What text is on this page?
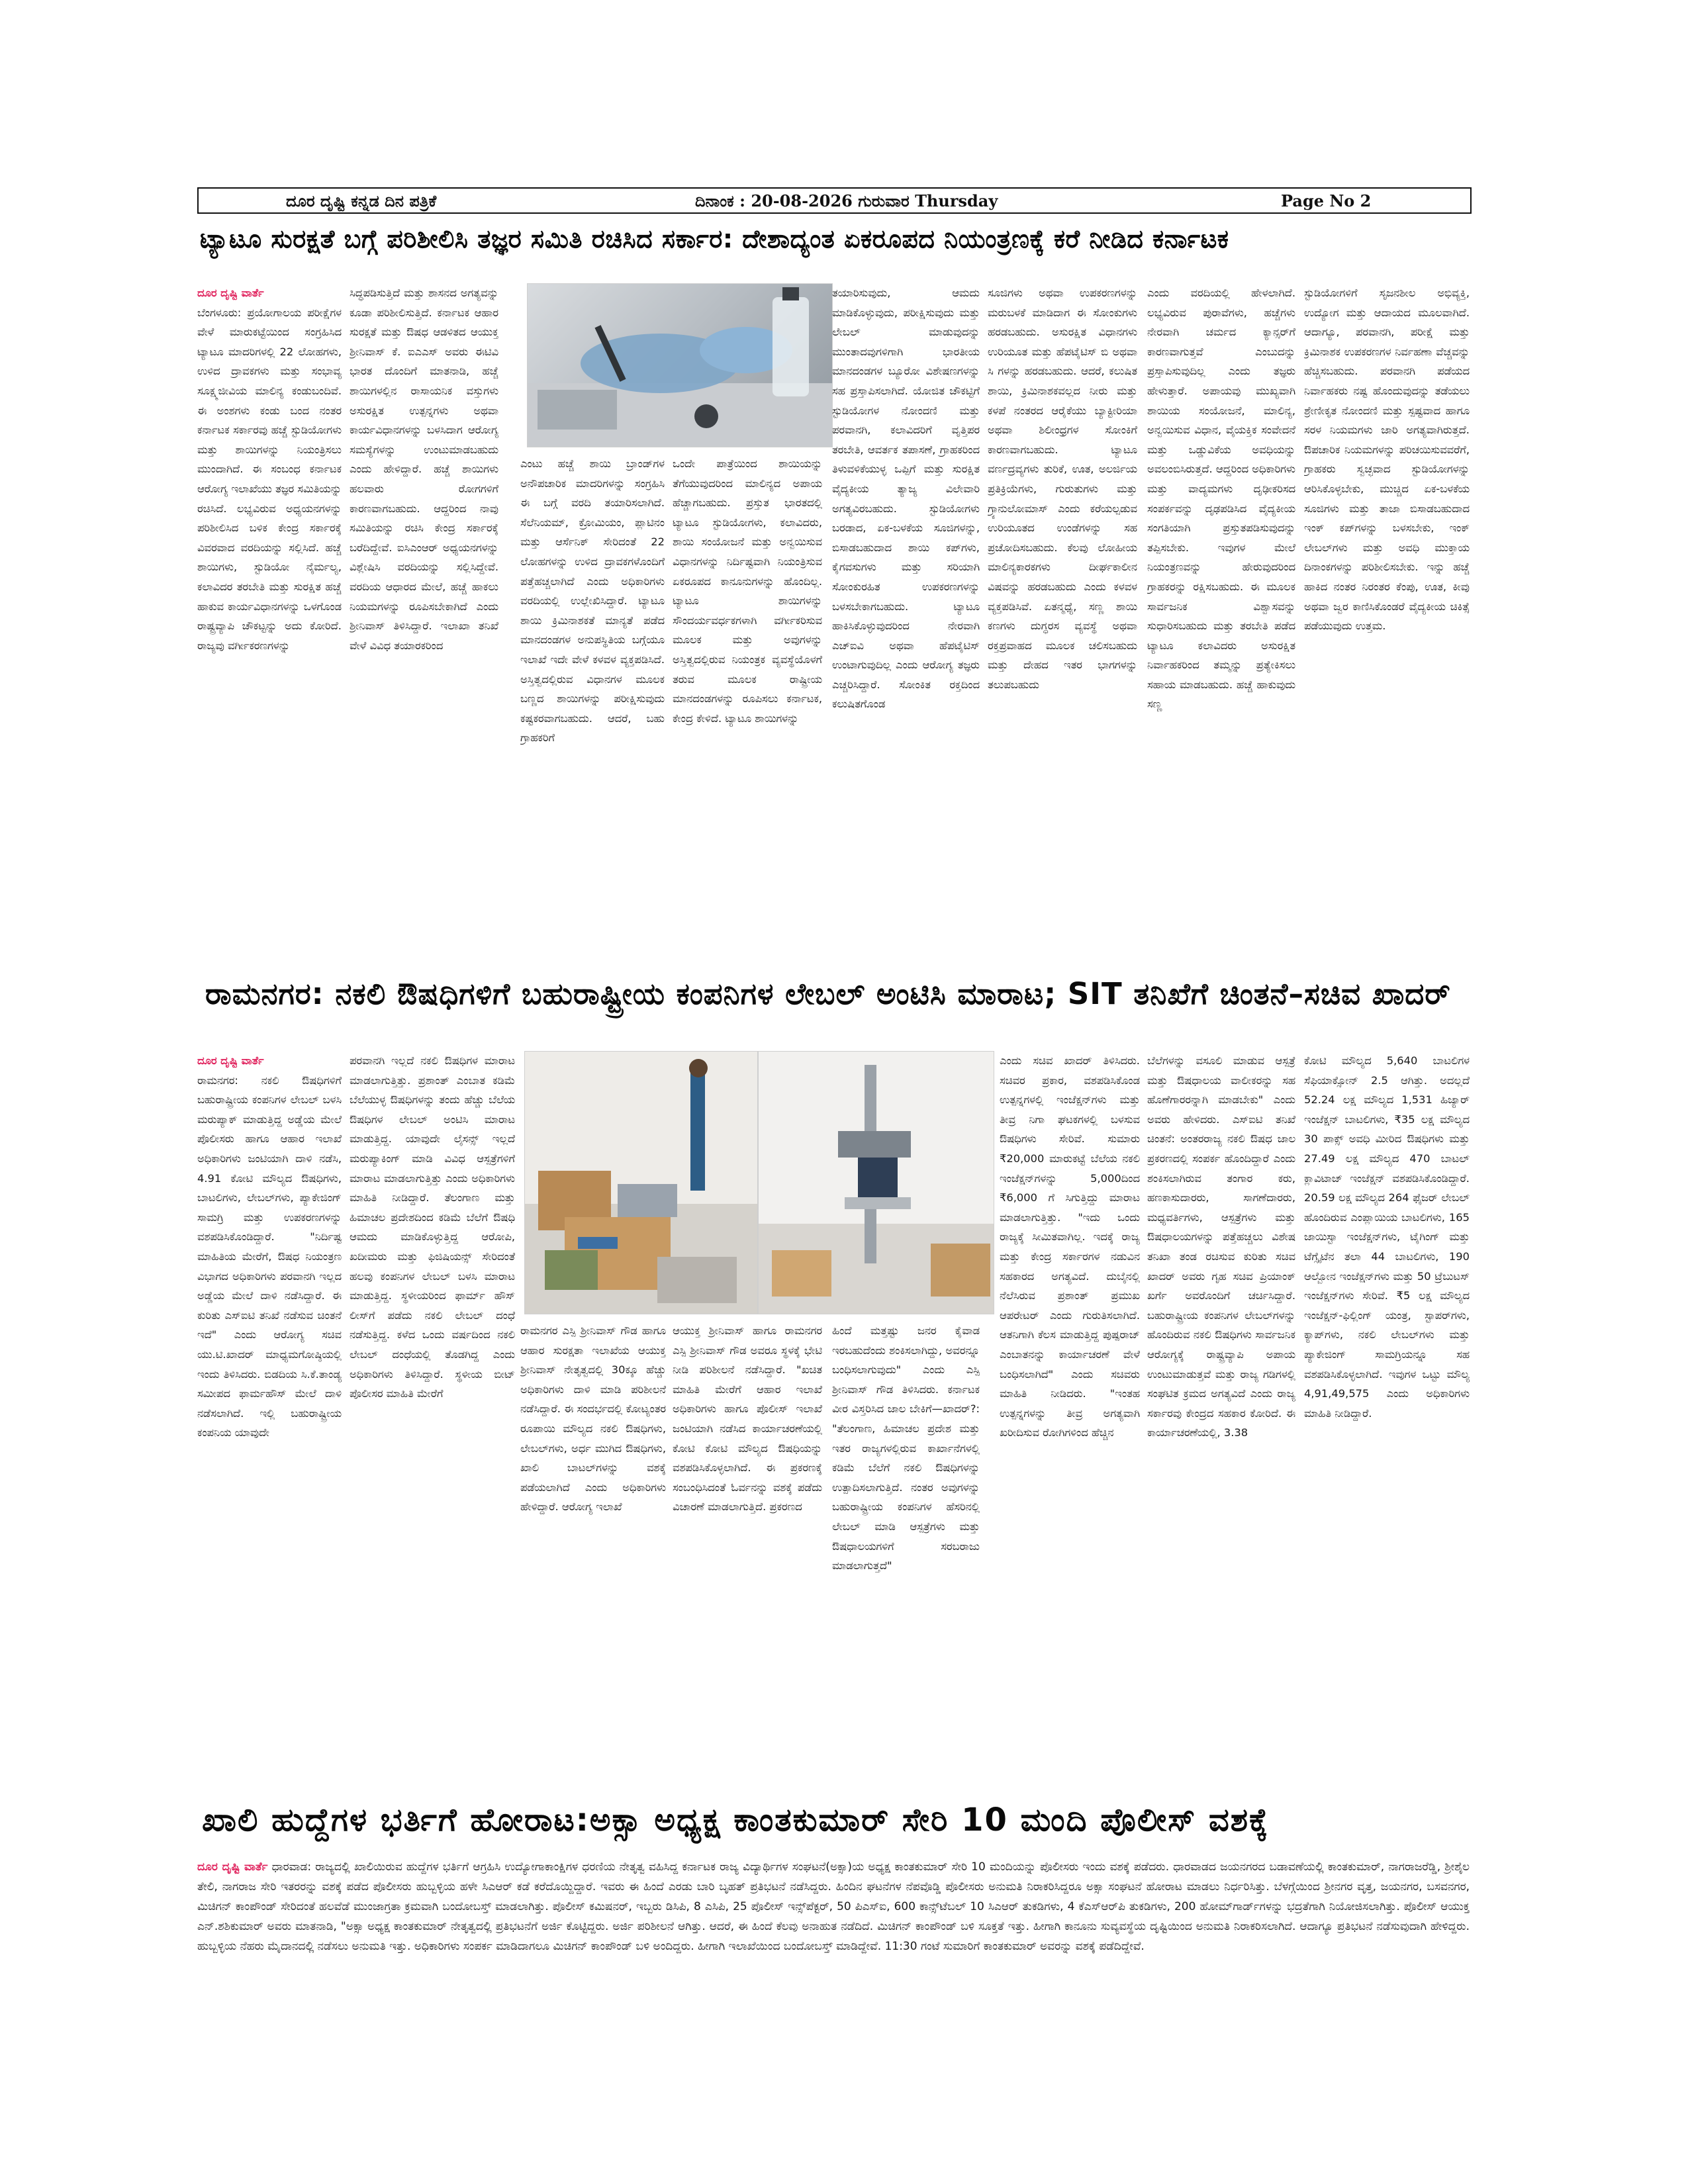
ದೂರ ದೃಷ್ಟಿ ಕನ್ನಡ ದಿನ ಪತ್ರಿಕೆ	ದಿನಾಂಕ : 20-08-2026 ಗುರುವಾರ Thursday	Page No 2
ಟ್ಯಾಟೂ ಸುರಕ್ಷತೆ ಬಗ್ಗೆ ಪರಿಶೀಲಿಸಿ ತಜ್ಞರ ಸಮಿತಿ ರಚಿಸಿದ ಸರ್ಕಾರ: ದೇಶಾದ್ಯಂತ ಏಕರೂಪದ ನಿಯಂತ್ರಣಕ್ಕೆ ಕರೆ ನೀಡಿದ ಕರ್ನಾಟಕ
ದೂರ ದೃಷ್ಟಿ ವಾರ್ತೆ
ಬೆಂಗಳೂರು: ಪ್ರಯೋಗಾಲಯ ಪರೀಕ್ಷೆಗಳ ವೇಳೆ ಮಾರುಕಟ್ಟೆಯಿಂದ ಸಂಗ್ರಹಿಸಿದ ಟ್ಯಾಟೂ ಮಾದರಿಗಳಲ್ಲಿ 22 ಲೋಹಗಳು, ಉಳಿದ ದ್ರಾವಕಗಳು ಮತ್ತು ಸಂಭಾವ್ಯ ಸೂಕ್ಷ್ಮಜೀವಿಯ ಮಾಲಿನ್ಯ ಕಂಡುಬಂದಿವೆ. ಈ ಅಂಶಗಳು ಕಂಡು ಬಂದ ನಂತರ ಕರ್ನಾಟಕ ಸರ್ಕಾರವು ಹಚ್ಚೆ ಸ್ಟುಡಿಯೋಗಳು ಮತ್ತು ಶಾಯಿಗಳನ್ನು ನಿಯಂತ್ರಿಸಲು ಮುಂದಾಗಿದೆ. ಈ ಸಂಬಂಧ ಕರ್ನಾಟಕ ಆರೋಗ್ಯ ಇಲಾಖೆಯು ತಜ್ಞರ ಸಮಿತಿಯನ್ನು ರಚಿಸಿದೆ. ಲಭ್ಯವಿರುವ ಅಧ್ಯಯನಗಳನ್ನು ಪರಿಶೀಲಿಸಿದ ಬಳಿಕ ಕೇಂದ್ರ ಸರ್ಕಾರಕ್ಕೆ ವಿವರವಾದ ವರದಿಯನ್ನು ಸಲ್ಲಿಸಿದೆ. ಹಚ್ಚೆ ಶಾಯಿಗಳು, ಸ್ಟುಡಿಯೋ ನೈರ್ಮಲ್ಯ, ಕಲಾವಿದರ ತರಬೇತಿ ಮತ್ತು ಸುರಕ್ಷಿತ ಹಚ್ಚೆ ಹಾಕುವ ಕಾರ್ಯವಿಧಾನಗಳನ್ನು ಒಳಗೊಂಡ ರಾಷ್ಟ್ರವ್ಯಾಪಿ ಚೌಕಟ್ಟನ್ನು ಅದು ಕೋರಿದೆ. ರಾಜ್ಯವು ವರ್ಗೀಕರಣಗಳನ್ನು
ಸಿದ್ಧಪಡಿಸುತ್ತಿದೆ ಮತ್ತು ಶಾಸನದ ಅಗತ್ಯವನ್ನು ಕೂಡಾ ಪರಿಶೀಲಿಸುತ್ತಿದೆ. ಕರ್ನಾಟಕ ಆಹಾರ ಸುರಕ್ಷತೆ ಮತ್ತು ಔಷಧ ಆಡಳಿತದ ಆಯುಕ್ತ ಶ್ರೀನಿವಾಸ್ ಕೆ. ಐಎಎಸ್ ಅವರು ಈಟಿವಿ ಭಾರತ ದೊಂದಿಗೆ ಮಾತನಾಡಿ, ಹಚ್ಚೆ ಶಾಯಿಗಳಲ್ಲಿನ ರಾಸಾಯನಿಕ ವಸ್ತುಗಳು ಅಸುರಕ್ಷಿತ ಉತ್ಪನ್ನಗಳು ಅಥವಾ ಕಾರ್ಯವಿಧಾನಗಳನ್ನು ಬಳಸಿದಾಗ ಆರೋಗ್ಯ ಸಮಸ್ಯೆಗಳನ್ನು ಉಂಟುಮಾಡಬಹುದು ಎಂದು ಹೇಳಿದ್ದಾರೆ. ಹಚ್ಚೆ ಶಾಯಿಗಳು ಹಲವಾರು ರೋಗಗಳಿಗೆ ಕಾರಣವಾಗಬಹುದು. ಆದ್ದರಿಂದ ನಾವು ಸಮಿತಿಯನ್ನು ರಚಿಸಿ ಕೇಂದ್ರ ಸರ್ಕಾರಕ್ಕೆ ಬರೆದಿದ್ದೇವೆ. ಐಸಿಎಂಆರ್ ಅಧ್ಯಯನಗಳನ್ನು ವಿಶ್ಲೇಷಿಸಿ ವರದಿಯನ್ನು ಸಲ್ಲಿಸಿದ್ದೇವೆ. ವರದಿಯ ಆಧಾರದ ಮೇಲೆ, ಹಚ್ಚೆ ಹಾಕಲು ನಿಯಮಗಳನ್ನು ರೂಪಿಸಬೇಕಾಗಿದೆ ಎಂದು ಶ್ರೀನಿವಾಸ್ ತಿಳಿಸಿದ್ದಾರೆ. ಇಲಾಖಾ ತನಿಖೆ ವೇಳೆ ವಿವಿಧ ತಯಾರಕರಿಂದ
ಎಂಟು ಹಚ್ಚೆ ಶಾಯಿ ಬ್ರಾಂಡ್‌ಗಳ ಅನೌಪಚಾರಿಕ ಮಾದರಿಗಳನ್ನು ಸಂಗ್ರಹಿಸಿ ಈ ಬಗ್ಗೆ ವರದಿ ತಯಾರಿಸಲಾಗಿದೆ. ಸೆಲೆನಿಯಮ್, ಕ್ರೋಮಿಯಂ, ಪ್ಲಾಟಿನಂ ಮತ್ತು ಆರ್ಸೆನಿಕ್ ಸೇರಿದಂತೆ 22 ಲೋಹಗಳನ್ನು ಉಳಿದ ದ್ರಾವಕಗಳೊಂದಿಗೆ ಪತ್ತೆಹಚ್ಚಲಾಗಿದೆ ಎಂದು ಅಧಿಕಾರಿಗಳು ವರದಿಯಲ್ಲಿ ಉಲ್ಲೇಖಿಸಿದ್ದಾರೆ. ಟ್ಯಾಟೂ ಶಾಯಿ ಕ್ರಿಮಿನಾಶಕತೆ ಮಾನ್ಯತೆ ಪಡೆದ ಮಾನದಂಡಗಳ ಅನುಪಸ್ಥಿತಿಯ ಬಗ್ಗೆಯೂ ಇಲಾಖೆ ಇದೇ ವೇಳೆ ಕಳವಳ ವ್ಯಕ್ತಪಡಿಸಿದೆ. ಅಸ್ತಿತ್ವದಲ್ಲಿರುವ ವಿಧಾನಗಳ ಮೂಲಕ ಬಣ್ಣದ ಶಾಯಿಗಳನ್ನು ಪರೀಕ್ಷಿಸುವುದು ಕಷ್ಟಕರವಾಗಬಹುದು. ಆದರೆ, ಬಹು ಗ್ರಾಹಕರಿಗೆ
ಒಂದೇ ಪಾತ್ರೆಯಿಂದ ಶಾಯಿಯನ್ನು ತೆಗೆಯುವುದರಿಂದ ಮಾಲಿನ್ಯದ ಅಪಾಯ ಹೆಚ್ಚಾಗಬಹುದು. ಪ್ರಸ್ತುತ ಭಾರತದಲ್ಲಿ ಟ್ಯಾಟೂ ಸ್ಟುಡಿಯೋಗಳು, ಕಲಾವಿದರು, ಶಾಯಿ ಸಂಯೋಜನೆ ಮತ್ತು ಅನ್ವಯಿಸುವ ವಿಧಾನಗಳನ್ನು ನಿರ್ದಿಷ್ಟವಾಗಿ ನಿಯಂತ್ರಿಸುವ ಏಕರೂಪದ ಕಾನೂನುಗಳನ್ನು ಹೊಂದಿಲ್ಲ. ಟ್ಯಾಟೂ ಶಾಯಿಗಳನ್ನು ಸೌಂದರ್ಯವರ್ಧಕಗಳಾಗಿ ವರ್ಗೀಕರಿಸುವ ಮೂಲಕ ಮತ್ತು ಅವುಗಳನ್ನು ಅಸ್ತಿತ್ವದಲ್ಲಿರುವ ನಿಯಂತ್ರಕ ವ್ಯವಸ್ಥೆಯೊಳಗೆ ತರುವ ಮೂಲಕ ರಾಷ್ಟ್ರೀಯ ಮಾನದಂಡಗಳನ್ನು ರೂಪಿಸಲು ಕರ್ನಾಟಕ, ಕೇಂದ್ರ ಕೇಳಿದೆ. ಟ್ಯಾಟೂ ಶಾಯಿಗಳನ್ನು
ತಯಾರಿಸುವುದು, ಆಮದು ಮಾಡಿಕೊಳ್ಳುವುದು, ಪರೀಕ್ಷಿಸುವುದು ಮತ್ತು ಲೇಬಲ್ ಮಾಡುವುದನ್ನು ಮುಂತಾದವುಗಳಿಗಾಗಿ ಭಾರತೀಯ ಮಾನದಂಡಗಳ ಬ್ಯೂರೋ ವಿಶೇಷಣಗಳನ್ನು ಸಹ ಪ್ರಸ್ತಾಪಿಸಲಾಗಿದೆ. ಯೋಜಿತ ಚೌಕಟ್ಟಿಗೆ ಸ್ಟುಡಿಯೋಗಳ ನೋಂದಣಿ ಮತ್ತು ಪರವಾನಗಿ, ಕಲಾವಿದರಿಗೆ ವೃತ್ತಿಪರ ತರಬೇತಿ, ಆವರ್ತಕ ತಪಾಸಣೆ, ಗ್ರಾಹಕರಿಂದ ತಿಳುವಳಿಕೆಯುಳ್ಳ ಒಪ್ಪಿಗೆ ಮತ್ತು ಸುರಕ್ಷಿತ ವೈದ್ಯಕೀಯ ತ್ಯಾಜ್ಯ ವಿಲೇವಾರಿ ಅಗತ್ಯವಿರಬಹುದು. ಸ್ಟುಡಿಯೋಗಳು ಬರಡಾದ, ಏಕ-ಬಳಕೆಯ ಸೂಜಿಗಳನ್ನು, ಬಿಸಾಡಬಹುದಾದ ಶಾಯಿ ಕಪ್‌ಗಳು, ಕೈಗವಸುಗಳು ಮತ್ತು ಸರಿಯಾಗಿ ಸೋಂಕುರಹಿತ ಉಪಕರಣಗಳನ್ನು ಬಳಸಬೇಕಾಗಬಹುದು. ಟ್ಯಾಟೂ ಹಾಕಿಸಿಕೊಳ್ಳುವುದರಿಂದ ನೇರವಾಗಿ ಎಚ್‌ಐವಿ ಅಥವಾ ಹೆಪಟೈಟಿಸ್ ಉಂಟಾಗುವುದಿಲ್ಲ ಎಂದು ಆರೋಗ್ಯ ತಜ್ಞರು ಎಚ್ಚರಿಸಿದ್ದಾರೆ. ಸೋಂಕಿತ ರಕ್ತದಿಂದ ಕಲುಷಿತಗೊಂಡ
ಸೂಜಿಗಳು ಅಥವಾ ಉಪಕರಣಗಳನ್ನು ಮರುಬಳಕೆ ಮಾಡಿದಾಗ ಈ ಸೋಂಕುಗಳು ಹರಡಬಹುದು. ಅಸುರಕ್ಷಿತ ವಿಧಾನಗಳು ಉರಿಯೂತ ಮತ್ತು ಹೆಪಟೈಟಿಸ್ ಬಿ ಅಥವಾ ಸಿ ಗಳನ್ನು ಹರಡಬಹುದು. ಆದರೆ, ಕಲುಷಿತ ಶಾಯಿ, ಕ್ರಿಮಿನಾಶಕವಲ್ಲದ ನೀರು ಮತ್ತು ಕಳಪೆ ನಂತರದ ಆರೈಕೆಯು ಬ್ಯಾಕ್ಟೀರಿಯಾ ಅಥವಾ ಶಿಲೀಂಧ್ರಗಳ ಸೋಂಕಿಗೆ ಕಾರಣವಾಗಬಹುದು. ಟ್ಯಾಟೂ ವರ್ಣದ್ರವ್ಯಗಳು ತುರಿಕೆ, ಊತ, ಅಲರ್ಜಿಯ ಪ್ರತಿಕ್ರಿಯೆಗಳು, ಗುರುತುಗಳು ಮತ್ತು ಗ್ರ್ಯಾನುಲೋಮಾಸ್ ಎಂದು ಕರೆಯಲ್ಪಡುವ ಉರಿಯೂತದ ಉಂಡೆಗಳನ್ನು ಸಹ ಪ್ರಚೋದಿಸಬಹುದು. ಕೆಲವು ಲೋಹೀಯ ಮಾಲಿನ್ಯಕಾರಕಗಳು ದೀರ್ಘಕಾಲೀನ ವಿಷವನ್ನು ಹರಡಬಹುದು ಎಂದು ಕಳವಳ ವ್ಯಕ್ತಪಡಿಸಿವೆ. ಏತನ್ಮಧ್ಯೆ, ಸಣ್ಣ ಶಾಯಿ ಕಣಗಳು ದುಗ್ಧರಸ ವ್ಯವಸ್ಥೆ ಅಥವಾ ರಕ್ತಪ್ರವಾಹದ ಮೂಲಕ ಚಲಿಸಬಹುದು ಮತ್ತು ದೇಹದ ಇತರ ಭಾಗಗಳನ್ನು ತಲುಪಬಹುದು
ಎಂದು ವರದಿಯಲ್ಲಿ ಹೇಳಲಾಗಿದೆ. ಲಭ್ಯವಿರುವ ಪುರಾವೆಗಳು, ಹಚ್ಚೆಗಳು ನೇರವಾಗಿ ಚರ್ಮದ ಕ್ಯಾನ್ಸರ್‌ಗೆ ಕಾರಣವಾಗುತ್ತವೆ ಎಂಬುದನ್ನು ಪ್ರಸ್ತಾಪಿಸುವುದಿಲ್ಲ ಎಂದು ತಜ್ಞರು ಹೇಳುತ್ತಾರೆ. ಅಪಾಯವು ಮುಖ್ಯವಾಗಿ ಶಾಯಿಯ ಸಂಯೋಜನೆ, ಮಾಲಿನ್ಯ, ಅನ್ವಯಿಸುವ ವಿಧಾನ, ವೈಯಕ್ತಿಕ ಸಂವೇದನೆ ಮತ್ತು ಒಡ್ಡುವಿಕೆಯ ಅವಧಿಯನ್ನು ಅವಲಂಬಿಸಿರುತ್ತದೆ. ಆದ್ದರಿಂದ ಅಧಿಕಾರಿಗಳು ಮತ್ತು ವಾದ್ಯಮಗಳು ದೃಢೀಕರಿಸದ ಸಂಪರ್ಕವನ್ನು ದೃಢಪಡಿಸಿದ ವೈದ್ಯಕೀಯ ಸಂಗತಿಯಾಗಿ ಪ್ರಸ್ತುತಪಡಿಸುವುದನ್ನು ತಪ್ಪಿಸಬೇಕು. ಇವುಗಳ ಮೇಲೆ ನಿಯಂತ್ರಣವನ್ನು ಹೇರುವುದರಿಂದ ಗ್ರಾಹಕರನ್ನು ರಕ್ಷಿಸಬಹುದು. ಈ ಮೂಲಕ ಸಾರ್ವಜನಿಕ ವಿಶ್ವಾಸವನ್ನು ಸುಧಾರಿಸಬಹುದು ಮತ್ತು ತರಬೇತಿ ಪಡೆದ ಟ್ಯಾಟೂ ಕಲಾವಿದರು ಅಸುರಕ್ಷಿತ ನಿರ್ವಾಹಕರಿಂದ ತಮ್ಮನ್ನು ಪ್ರತ್ಯೇಕಿಸಲು ಸಹಾಯ ಮಾಡಬಹುದು. ಹಚ್ಚೆ ಹಾಕುವುದು ಸಣ್ಣ
ಸ್ಟುಡಿಯೋಗಳಿಗೆ ಸೃಜನಶೀಲ ಅಭಿವ್ಯಕ್ತಿ, ಉದ್ಯೋಗ ಮತ್ತು ಆದಾಯದ ಮೂಲವಾಗಿದೆ. ಆದಾಗ್ಯೂ, ಪರವಾನಗಿ, ಪರೀಕ್ಷೆ ಮತ್ತು ಕ್ರಿಮಿನಾಶಕ ಉಪಕರಣಗಳ ನಿರ್ವಹಣಾ ವೆಚ್ಚವನ್ನು ಹೆಚ್ಚಿಸಬಹುದು. ಪರವಾನಗಿ ಪಡೆಯದ ನಿರ್ವಾಹಕರು ನಷ್ಟ ಹೊಂದುವುದನ್ನು ತಡೆಯಲು ಶ್ರೇಣೀಕೃತ ನೋಂದಣಿ ಮತ್ತು ಸ್ಪಷ್ಟವಾದ ಹಾಗೂ ಸರಳ ನಿಯಮಗಳು ಜಾರಿ ಅಗತ್ಯವಾಗಿರುತ್ತದೆ. ಔಪಚಾರಿಕ ನಿಯಮಗಳನ್ನು ಪರಿಚಯಿಸುವವರೆಗೆ, ಗ್ರಾಹಕರು ಸ್ವಚ್ಛವಾದ ಸ್ಟುಡಿಯೋಗಳನ್ನು ಆರಿಸಿಕೊಳ್ಳಬೇಕು, ಮುಚ್ಚಿದ ಏಕ-ಬಳಕೆಯ ಸೂಜಿಗಳು ಮತ್ತು ತಾಜಾ ಬಿಸಾಡಬಹುದಾದ ಇಂಕ್ ಕಪ್‌ಗಳನ್ನು ಬಳಸಬೇಕು, ಇಂಕ್ ಲೇಬಲ್‌ಗಳು ಮತ್ತು ಅವಧಿ ಮುಕ್ತಾಯ ದಿನಾಂಕಗಳನ್ನು ಪರಿಶೀಲಿಸಬೇಕು. ಇನ್ನು ಹಚ್ಚೆ ಹಾಕಿದ ನಂತರ ನಿರಂತರ ಕೆಂಪು, ಊತ, ಕೀವು ಅಥವಾ ಜ್ವರ ಕಾಣಿಸಿಕೊಂಡರೆ ವೈದ್ಯಕೀಯ ಚಿಕಿತ್ಸೆ ಪಡೆಯುವುದು ಉತ್ತಮ.
ರಾಮನಗರ: ನಕಲಿ ಔಷಧಿಗಳಿಗೆ ಬಹುರಾಷ್ಟ್ರೀಯ ಕಂಪನಿಗಳ ಲೇಬಲ್ ಅಂಟಿಸಿ ಮಾರಾಟ; SIT ತನಿಖೆಗೆ ಚಿಂತನೆ–ಸಚಿವ ಖಾದರ್
ದೂರ ದೃಷ್ಟಿ ವಾರ್ತೆ
ರಾಮನಗರ: ನಕಲಿ ಔಷಧಿಗಳಿಗೆ ಬಹುರಾಷ್ಟ್ರೀಯ ಕಂಪನಿಗಳ ಲೇಬಲ್ ಬಳಸಿ ಮರುಪ್ಯಾಕ್ ಮಾಡುತ್ತಿದ್ದ ಅಡ್ಡೆಯ ಮೇಲೆ ಪೊಲೀಸರು ಹಾಗೂ ಆಹಾರ ಇಲಾಖೆ ಅಧಿಕಾರಿಗಳು ಜಂಟಿಯಾಗಿ ದಾಳಿ ನಡೆಸಿ, 4.91 ಕೋಟಿ ಮೌಲ್ಯದ ಔಷಧಿಗಳು, ಬಾಟಲಿಗಳು, ಲೇಬಲ್‌ಗಳು, ಪ್ಯಾಕೇಜಿಂಗ್ ಸಾಮಗ್ರಿ ಮತ್ತು ಉಪಕರಣಗಳನ್ನು ವಶಪಡಿಸಿಕೊಂಡಿದ್ದಾರೆ. "ನಿರ್ದಿಷ್ಟ ಮಾಹಿತಿಯ ಮೇರೆಗೆ, ಔಷಧ ನಿಯಂತ್ರಣ ವಿಭಾಗದ ಅಧಿಕಾರಿಗಳು ಪರವಾನಗಿ ಇಲ್ಲದ ಅಡ್ಡೆಯ ಮೇಲೆ ದಾಳಿ ನಡೆಸಿದ್ದಾರೆ. ಈ ಕುರಿತು ಎಸ್ಐಟಿ ತನಿಖೆ ನಡೆಸುವ ಚಿಂತನೆ ಇದೆ" ಎಂದು ಆರೋಗ್ಯ ಸಚಿವ ಯು.ಟಿ.ಖಾದರ್ ಮಾಧ್ಯಮಗೋಷ್ಠಿಯಲ್ಲಿ ಇಂದು ತಿಳಿಸಿದರು. ಬಿಡದಿಯ ಸಿ.ಕೆ.ತಾಂಡ್ಯ ಸಮೀಪದ ಫಾರ್ಮಹೌಸ್ ಮೇಲೆ ದಾಳಿ ನಡೆಸಲಾಗಿದೆ. ಇಲ್ಲಿ ಬಹುರಾಷ್ಟ್ರೀಯ ಕಂಪನಿಯ ಯಾವುದೇ
ಪರವಾನಗಿ ಇಲ್ಲದೆ ನಕಲಿ ಔಷಧಿಗಳ ಮಾರಾಟ ಮಾಡಲಾಗುತ್ತಿತ್ತು. ಪ್ರಶಾಂತ್ ಎಂಬಾತ ಕಡಿಮೆ ಬೆಲೆಯುಳ್ಳ ಔಷಧಿಗಳನ್ನು ತಂದು ಹೆಚ್ಚು ಬೆಲೆಯ ಔಷಧಿಗಳ ಲೇಬಲ್ ಅಂಟಿಸಿ ಮಾರಾಟ ಮಾಡುತ್ತಿದ್ದ. ಯಾವುದೇ ಲೈಸನ್ಸ್ ಇಲ್ಲದೆ ಮರುಪ್ಯಾಕಿಂಗ್ ಮಾಡಿ ವಿವಿಧ ಆಸ್ಪತ್ರೆಗಳಿಗೆ ಮಾರಾಟ ಮಾಡಲಾಗುತ್ತಿತ್ತು ಎಂದು ಅಧಿಕಾರಿಗಳು ಮಾಹಿತಿ ನೀಡಿದ್ದಾರೆ. ತೆಲಂಗಾಣ ಮತ್ತು ಹಿಮಾಚಲ ಪ್ರದೇಶದಿಂದ ಕಡಿಮೆ ಬೆಲೆಗೆ ಔಷಧಿ ಆಮದು ಮಾಡಿಕೊಳ್ಳುತ್ತಿದ್ದ ಆರೋಪಿ, ಖದೀಮರು ಮತ್ತು ಫಿಜಿಷಿಯನ್ಸ್ ಸೇರಿದಂತೆ ಹಲವು ಕಂಪನಿಗಳ ಲೇಬಲ್ ಬಳಸಿ ಮಾರಾಟ ಮಾಡುತ್ತಿದ್ದ. ಸ್ಥಳೀಯರಿಂದ ಫಾರ್ಮ್ ಹೌಸ್ ಲೀಸ್‌ಗೆ ಪಡೆದು ನಕಲಿ ಲೇಬಲ್ ದಂಧೆ ನಡೆಸುತ್ತಿದ್ದ. ಕಳೆದ ಒಂದು ವರ್ಷದಿಂದ ನಕಲಿ ಲೇಬಲ್ ದಂಧೆಯಲ್ಲಿ ತೊಡಗಿದ್ದ ಎಂದು ಅಧಿಕಾರಿಗಳು ತಿಳಿಸಿದ್ದಾರೆ. ಸ್ಥಳೀಯ ಬೀಟ್ ಪೊಲೀಸರ ಮಾಹಿತಿ ಮೇರೆಗೆ
ರಾಮನಗರ ಎಸ್ಪಿ ಶ್ರೀನಿವಾಸ್ ಗೌಡ ಹಾಗೂ ಆಹಾರ ಸುರಕ್ಷತಾ ಇಲಾಖೆಯ ಆಯುಕ್ತ ಶ್ರೀನಿವಾಸ್ ನೇತೃತ್ವದಲ್ಲಿ 30ಕ್ಕೂ ಹೆಚ್ಚು ಅಧಿಕಾರಿಗಳು ದಾಳಿ ಮಾಡಿ ಪರಿಶೀಲನೆ ನಡೆಸಿದ್ದಾರೆ. ಈ ಸಂದರ್ಭದಲ್ಲಿ ಕೋಟ್ಯಂತರ ರೂಪಾಯಿ ಮೌಲ್ಯದ ನಕಲಿ ಔಷಧಿಗಳು, ಲೇಬಲ್‌ಗಳು, ಅರ್ಧ ಮುಗಿದ ಔಷಧಿಗಳು, ಖಾಲಿ ಬಾಟಲ್‌ಗಳನ್ನು ವಶಕ್ಕೆ ಪಡೆಯಲಾಗಿದೆ ಎಂದು ಅಧಿಕಾರಿಗಳು ಹೇಳಿದ್ದಾರೆ. ಆರೋಗ್ಯ ಇಲಾಖೆ
ಆಯುಕ್ತ ಶ್ರೀನಿವಾಸ್ ಹಾಗೂ ರಾಮನಗರ ಎಸ್ಪಿ ಶ್ರೀನಿವಾಸ್ ಗೌಡ ಅವರೂ ಸ್ಥಳಕ್ಕೆ ಭೇಟಿ ನೀಡಿ ಪರಿಶೀಲನೆ ನಡೆಸಿದ್ದಾರೆ. "ಖಚಿತ ಮಾಹಿತಿ ಮೇರೆಗೆ ಆಹಾರ ಇಲಾಖೆ ಅಧಿಕಾರಿಗಳು ಹಾಗೂ ಪೊಲೀಸ್ ಇಲಾಖೆ ಜಂಟಿಯಾಗಿ ನಡೆಸಿದ ಕಾರ್ಯಾಚರಣೆಯಲ್ಲಿ ಕೋಟಿ ಕೋಟಿ ಮೌಲ್ಯದ ಔಷಧಿಯನ್ನು ವಶಪಡಿಸಿಕೊಳ್ಳಲಾಗಿದೆ. ಈ ಪ್ರಕರಣಕ್ಕೆ ಸಂಬಂಧಿಸಿದಂತೆ ಓರ್ವನನ್ನು ವಶಕ್ಕೆ ಪಡೆದು ವಿಚಾರಣೆ ಮಾಡಲಾಗುತ್ತಿದೆ. ಪ್ರಕರಣದ
ಹಿಂದೆ ಮತ್ತಷ್ಟು ಜನರ ಕೈವಾಡ ಇರಬಹುದೆಂದು ಶಂಕಿಸಲಾಗಿದ್ದು, ಅವರನ್ನೂ ಬಂಧಿಸಲಾಗುವುದು" ಎಂದು ಎಸ್ಪಿ ಶ್ರೀನಿವಾಸ್ ಗೌಡ ತಿಳಿಸಿದರು. ಕರ್ನಾಟಕ ವೀರ ವಿಸ್ತರಿಸಿದ ಜಾಲ ಬೇಕಿಗೆ—ಖಾದರ್?: "ತೆಲಂಗಾಣ, ಹಿಮಾಚಲ ಪ್ರದೇಶ ಮತ್ತು ಇತರ ರಾಜ್ಯಗಳಲ್ಲಿರುವ ಕಾರ್ಖಾನೆಗಳಲ್ಲಿ ಕಡಿಮೆ ಬೆಲೆಗೆ ನಕಲಿ ಔಷಧಿಗಳನ್ನು ಉತ್ಪಾದಿಸಲಾಗುತ್ತಿದೆ. ನಂತರ ಅವುಗಳನ್ನು ಬಹುರಾಷ್ಟ್ರೀಯ ಕಂಪನಿಗಳ ಹೆಸರಿನಲ್ಲಿ ಲೇಬಲ್ ಮಾಡಿ ಆಸ್ಪತ್ರೆಗಳು ಮತ್ತು ಔಷಧಾಲಯಗಳಿಗೆ ಸರಬರಾಜು ಮಾಡಲಾಗುತ್ತದೆ"
ಎಂದು ಸಚಿವ ಖಾದರ್ ತಿಳಿಸಿದರು. ಸಚಿವರ ಪ್ರಕಾರ, ವಶಪಡಿಸಿಕೊಂಡ ಉತ್ಪನ್ನಗಳಲ್ಲಿ ಇಂಜೆಕ್ಷನ್‌ಗಳು ಮತ್ತು ತೀವ್ರ ನಿಗಾ ಘಟಕಗಳಲ್ಲಿ ಬಳಸುವ ಔಷಧಿಗಳು ಸೇರಿವೆ. ಸುಮಾರು ₹20,000 ಮಾರುಕಟ್ಟೆ ಬೆಲೆಯ ನಕಲಿ ಇಂಜೆಕ್ಷನ್‌ಗಳನ್ನು 5,000ದಿಂದ ₹6,000 ಗೆ ಸಿಗುತ್ತಿದ್ದು ಮಾರಾಟ ಮಾಡಲಾಗುತ್ತಿತ್ತು. "ಇದು ಒಂದು ರಾಜ್ಯಕ್ಕೆ ಸೀಮಿತವಾಗಿಲ್ಲ. ಇದಕ್ಕೆ ರಾಜ್ಯ ಮತ್ತು ಕೇಂದ್ರ ಸರ್ಕಾರಗಳ ನಡುವಿನ ಸಹಕಾರದ ಅಗತ್ಯವಿದೆ. ದುಬೈನಲ್ಲಿ ನೆಲೆಸಿರುವ ಪ್ರಶಾಂತ್ ಪ್ರಮುಖ ಆಪರೇಟರ್ ಎಂದು ಗುರುತಿಸಲಾಗಿದೆ. ಆತನಿಗಾಗಿ ಕೆಲಸ ಮಾಡುತ್ತಿದ್ದ ಪುಷ್ಪರಾಜ್ ಎಂಬಾತನನ್ನು ಕಾರ್ಯಾಚರಣೆ ವೇಳೆ ಬಂಧಿಸಲಾಗಿದೆ" ಎಂದು ಸಚಿವರು ಮಾಹಿತಿ ನೀಡಿದರು. "ಇಂತಹ ಉತ್ಪನ್ನಗಳನ್ನು ತೀವ್ರ ಅಗತ್ಯವಾಗಿ ಖರೀದಿಸುವ ರೋಗಿಗಳಿಂದ ಹೆಚ್ಚಿನ
ಬೆಲೆಗಳನ್ನು ವಸೂಲಿ ಮಾಡುವ ಆಸ್ಪತ್ರೆ ಮತ್ತು ಔಷಧಾಲಯ ವಾಲೀಕರನ್ನು ಸಹ ಹೊಣೆಗಾರರನ್ನಾಗಿ ಮಾಡಬೇಕು" ಎಂದು ಅವರು ಹೇಳಿದರು. ಎಸ್ಐಟಿ ತನಿಖೆ ಚಿಂತನೆ: ಅಂತರರಾಜ್ಯ ನಕಲಿ ಔಷಧ ಜಾಲ ಪ್ರಕರಣದಲ್ಲಿ ಸಂಪರ್ಕ ಹೊಂದಿದ್ದಾರೆ ಎಂದು ಶಂಕಿಸಲಾಗಿರುವ ತಂಗಾರ ಕರು, ಹಣಕಾಸುದಾರರು, ಸಾಗಣೆದಾರರು, ಮಧ್ಯವರ್ತಿಗಳು, ಆಸ್ಪತ್ರೆಗಳು ಮತ್ತು ಔಷಧಾಲಯಗಳನ್ನು ಪತ್ತೆಹಚ್ಚಲು ವಿಶೇಷ ತನಿಖಾ ತಂಡ ರಚಿಸುವ ಕುರಿತು ಸಚಿವ ಖಾದರ್ ಅವರು ಗೃಹ ಸಚಿವ ಪ್ರಿಯಾಂಕ್ ಖರ್ಗೆ ಅವರೊಂದಿಗೆ ಚರ್ಚಿಸಿದ್ದಾರೆ. ಬಹುರಾಷ್ಟ್ರೀಯ ಕಂಪನಿಗಳ ಲೇಬಲ್‌ಗಳನ್ನು ಹೊಂದಿರುವ ನಕಲಿ ಔಷಧಿಗಳು ಸಾರ್ವಜನಿಕ ಆರೋಗ್ಯಕ್ಕೆ ರಾಷ್ಟ್ರವ್ಯಾಪಿ ಅಪಾಯ ಉಂಟುಮಾಡುತ್ತವೆ ಮತ್ತು ರಾಜ್ಯ ಗಡಿಗಳಲ್ಲಿ ಸಂಘಟಿತ ಕ್ರಮದ ಅಗತ್ಯವಿದೆ ಎಂದು ರಾಜ್ಯ ಸರ್ಕಾರವು ಕೇಂದ್ರದ ಸಹಕಾರ ಕೋರಿದೆ. ಈ ಕಾರ್ಯಾಚರಣೆಯಲ್ಲಿ, 3.38
ಕೋಟಿ ಮೌಲ್ಯದ 5,640 ಬಾಟಲಿಗಳ ಸೆಫಿಯಾಕ್ಸೋನ್ 2.5 ಆಗಿತ್ತು. ಅದಲ್ಲದೆ 52.24 ಲಕ್ಷ ಮೌಲ್ಯದ 1,531 ಹಿಜ್ಯಾರ್ ಇಂಜೆಕ್ಷನ್ ಬಾಟಲಿಗಳು, ₹35 ಲಕ್ಷ ಮೌಲ್ಯದ 30 ಪಾಕ್ಸ್ ಅವಧಿ ಮೀರಿದ ಔಷಧಿಗಳು ಮತ್ತು 27.49 ಲಕ್ಷ ಮೌಲ್ಯದ 470 ಬಾಟಲ್ ಕ್ಲಾವಿಟಾಜ್ ಇಂಜೆಕ್ಷನ್ ವಶಪಡಿಸಿಕೊಂಡಿದ್ದಾರೆ. 20.59 ಲಕ್ಷ ಮೌಲ್ಯದ 264 ಫೈಜರ್ ಲೇಬಲ್ ಹೊಂದಿರುವ ಎಂಪ್ಲಾಯಿಯ ಬಾಟಲಿಗಳು, 165 ಜಾಯಿಸ್ಟಾ ಇಂಜೆಕ್ಷನ್‌ಗಳು, ಟೈಗಿಂಗ್ ಮತ್ತು ಟೆಗ್ಸೈಟೆನ ತಲಾ 44 ಬಾಟಲಿಗಳು, 190 ಆಲ್ಬೋನ ಇಂಜೆಕ್ಷನ್‌ಗಳು ಮತ್ತು 50 ಟ್ರೆಬುಟಸ್ ಇಂಜೆಕ್ಷನ್‌ಗಳು ಸೇರಿವೆ. ₹5 ಲಕ್ಷ ಮೌಲ್ಯದ ಇಂಜೆಕ್ಷನ್-ಫಿಲ್ಲಿಂಗ್ ಯಂತ್ರ, ಸ್ಟಾಪರ್‌ಗಳು, ಕ್ಯಾಪ್‌ಗಳು, ನಕಲಿ ಲೇಬಲ್‌ಗಳು ಮತ್ತು ಪ್ಯಾಕೇಜಿಂಗ್ ಸಾಮಗ್ರಿಯನ್ನೂ ಸಹ ವಶಪಡಿಸಿಕೊಳ್ಳಲಾಗಿದೆ. ಇವುಗಳ ಒಟ್ಟು ಮೌಲ್ಯ 4,91,49,575 ಎಂದು ಅಧಿಕಾರಿಗಳು ಮಾಹಿತಿ ನೀಡಿದ್ದಾರೆ.
ಖಾಲಿ ಹುದ್ದೆಗಳ ಭರ್ತಿಗೆ ಹೋರಾಟ:ಅಕ್ಸಾ ಅಧ್ಯಕ್ಷ ಕಾಂತಕುಮಾರ್ ಸೇರಿ 10 ಮಂದಿ ಪೊಲೀಸ್ ವಶಕ್ಕೆ
ದೂರ ದೃಷ್ಟಿ ವಾರ್ತೆ ಧಾರವಾಡ: ರಾಜ್ಯದಲ್ಲಿ ಖಾಲಿಯಿರುವ ಹುದ್ದೆಗಳ ಭರ್ತಿಗೆ ಆಗ್ರಹಿಸಿ ಉದ್ಯೋಗಾಕಾಂಕ್ಷಿಗಳ ಧರಣಿಯ ನೇತೃತ್ವ ವಹಿಸಿದ್ದ ಕರ್ನಾಟಕ ರಾಜ್ಯ ವಿದ್ಯಾರ್ಥಿಗಳ ಸಂಘಟನೆ(ಅಕ್ಸಾ)ಯ ಅಧ್ಯಕ್ಷ ಕಾಂತಕುಮಾರ್ ಸೇರಿ 10 ಮಂದಿಯನ್ನು ಪೊಲೀಸರು ಇಂದು ವಶಕ್ಕೆ ಪಡೆದರು. ಧಾರವಾಡದ ಜಯನಗರದ ಬಡಾವಣೆಯಲ್ಲಿ ಕಾಂತಕುಮಾರ್, ನಾಗರಾಜರೆಡ್ಡಿ, ಶ್ರೀಶೈಲ ತೇಲಿ, ನಾಗರಾಜ ಸೇರಿ ಇತರರನ್ನು ವಶಕ್ಕೆ ಪಡೆದ ಪೊಲೀಸರು ಹುಬ್ಬಳ್ಳಿಯ ಹಳೇ ಸಿಎಆರ್ ಕಡೆ ಕರೆದೊಯ್ದಿದ್ದಾರೆ. ಇವರು ಈ ಹಿಂದೆ ಎರಡು ಬಾರಿ ಬೃಹತ್ ಪ್ರತಿಭಟನೆ ನಡೆಸಿದ್ದರು. ಹಿಂದಿನ ಘಟನೆಗಳ ನೆಪವೊಡ್ಡಿ ಪೊಲೀಸರು ಅನುಮತಿ ನಿರಾಕರಿಸಿದ್ದರೂ ಅಕ್ಸಾ ಸಂಘಟನೆ ಹೋರಾಟ ಮಾಡಲು ನಿರ್ಧರಿಸಿತ್ತು. ಬೆಳಗ್ಗೆಯಿಂದ ಶ್ರೀನಗರ ವೃತ್ತ, ಜಯನಗರ, ಬಸವನಗರ, ಮಿಚಿಗನ್ ಕಾಂಪೌಂಡ್ ಸೇರಿದಂತೆ ಹಲವೆಡೆ ಮುಂಜಾಗ್ರತಾ ಕ್ರಮವಾಗಿ ಬಂದೋಬಸ್ತ್ ಮಾಡಲಾಗಿತ್ತು. ಪೊಲೀಸ್ ಕಮಿಷನರ್, ಇಬ್ಬರು ಡಿಸಿಪಿ, 8 ಎಸಿಪಿ, 25 ಪೊಲೀಸ್ ಇನ್ಸ್‌ಪೆಕ್ಟರ್, 50 ಪಿಎಸ್ಐ, 600 ಕಾನ್ಸ್‌ಟೆಬಲ್ 10 ಸಿಎಆರ್ ತುಕಡಿಗಳು, 4 ಕೆಎಸ್‌ಆರ್‌ಪಿ ತುಕಡಿಗಳು, 200 ಹೋಮ್‌ಗಾರ್ಡ್‌ಗಳನ್ನು ಭದ್ರತೆಗಾಗಿ ನಿಯೋಜಿಸಲಾಗಿತ್ತು. ಪೊಲೀಸ್ ಆಯುಕ್ತ ಎನ್.ಶಶಿಕುಮಾರ್ ಅವರು ಮಾತನಾಡಿ, "ಅಕ್ಸಾ ಅಧ್ಯಕ್ಷ ಕಾಂತಕುಮಾರ್ ನೇತೃತ್ವದಲ್ಲಿ ಪ್ರತಿಭಟನೆಗೆ ಅರ್ಜಿ ಕೊಟ್ಟಿದ್ದರು. ಅರ್ಜಿ ಪರಿಶೀಲನೆ ಆಗಿತ್ತು. ಆದರೆ, ಈ ಹಿಂದೆ ಕೆಲವು ಅನಾಹುತ ನಡೆದಿದೆ. ಮಿಚಿಗನ್ ಕಾಂಪೌಂಡ್ ಬಳಿ ಸೂಕ್ತತೆ ಇತ್ತು. ಹೀಗಾಗಿ ಕಾನೂನು ಸುವ್ಯವಸ್ಥೆಯ ದೃಷ್ಟಿಯಿಂದ ಅನುಮತಿ ನಿರಾಕರಿಸಲಾಗಿದೆ. ಆದಾಗ್ಯೂ ಪ್ರತಿಭಟನೆ ನಡೆಸುವುದಾಗಿ ಹೇಳಿದ್ದರು. ಹುಬ್ಬಳ್ಳಿಯ ನೆಹರು ಮೈದಾನದಲ್ಲಿ ನಡೆಸಲು ಅನುಮತಿ ಇತ್ತು. ಅಧಿಕಾರಿಗಳು ಸಂಪರ್ಕ ಮಾಡಿದಾಗಲೂ ಮಿಚಿಗನ್ ಕಾಂಪೌಂಡ್ ಬಳಿ ಅಂದಿದ್ದರು. ಹೀಗಾಗಿ ಇಲಾಖೆಯಿಂದ ಬಂದೋಬಸ್ತ್ ಮಾಡಿದ್ದೇವೆ. 11:30 ಗಂಟೆ ಸುಮಾರಿಗೆ ಕಾಂತಕುಮಾರ್ ಅವರನ್ನು ವಶಕ್ಕೆ ಪಡೆದಿದ್ದೇವೆ.
